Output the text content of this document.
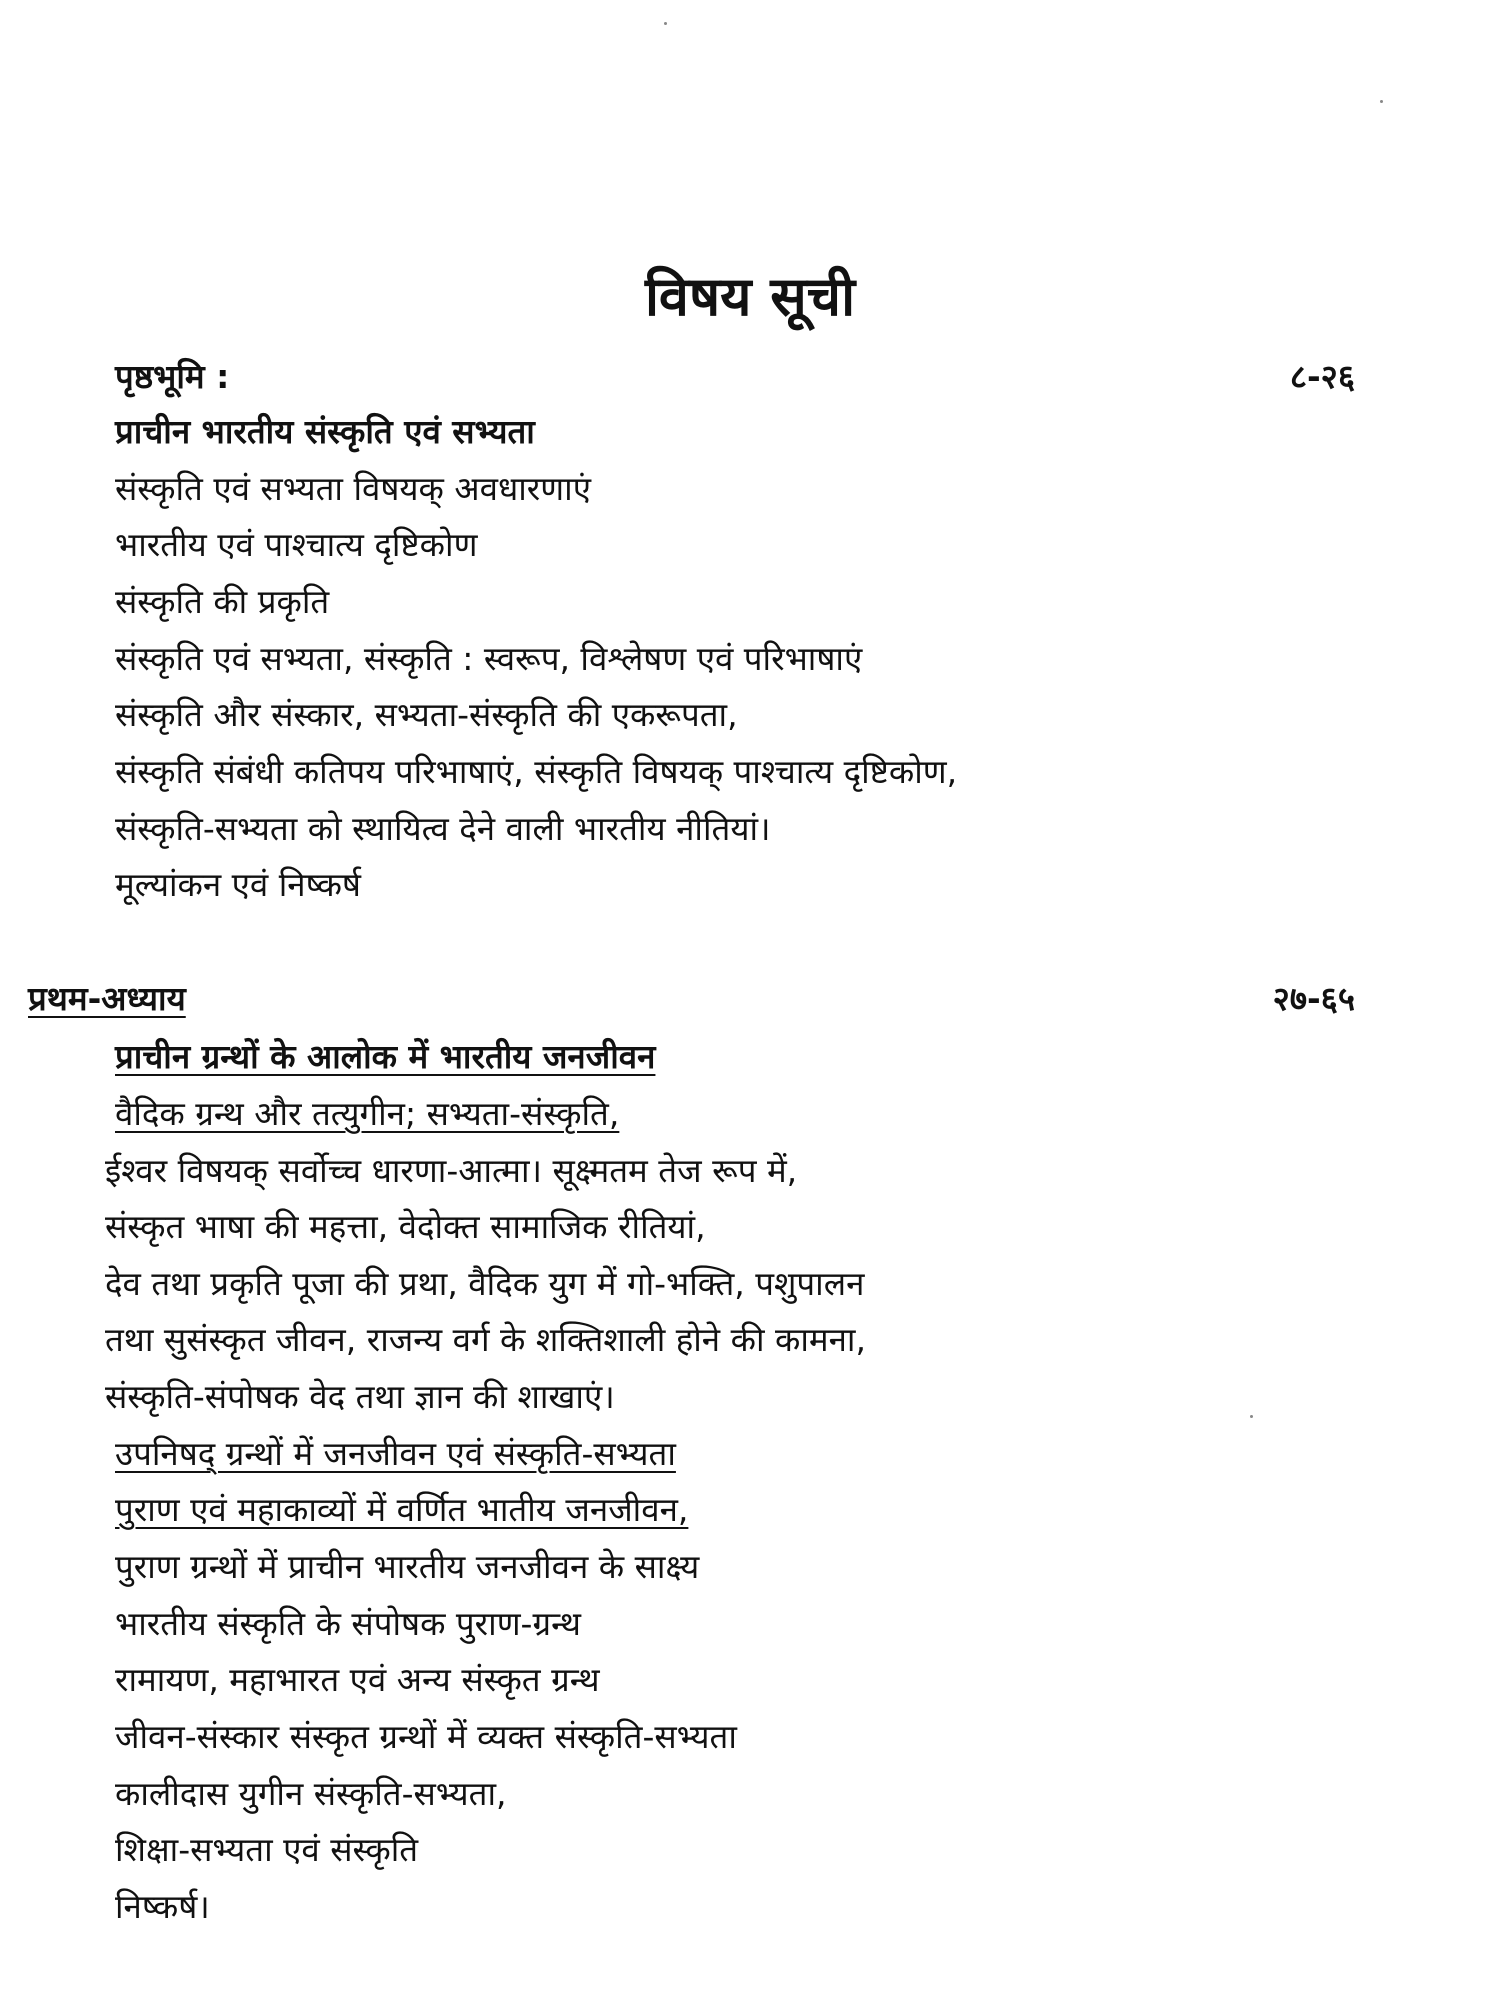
विषय सूची
पृष्ठभूमि :	८-२६
प्राचीन भारतीय संस्कृति एवं सभ्यता
संस्कृति एवं सभ्यता विषयक् अवधारणाएं
भारतीय एवं पाश्चात्य दृष्टिकोण
संस्कृति की प्रकृति
संस्कृति एवं सभ्यता, संस्कृति : स्वरूप, विश्लेषण एवं परिभाषाएं
संस्कृति और संस्कार, सभ्यता-संस्कृति की एकरूपता,
संस्कृति संबंधी कतिपय परिभाषाएं, संस्कृति विषयक् पाश्चात्य दृष्टिकोण,
संस्कृति-सभ्यता को स्थायित्व देने वाली भारतीय नीतियां।
मूल्यांकन एवं निष्कर्ष
प्रथम-अध्याय	२७-६५
प्राचीन ग्रन्थों के आलोक में भारतीय जनजीवन
वैदिक ग्रन्थ और तत्युगीन; सभ्यता-संस्कृति,
ईश्वर विषयक् सर्वोच्च धारणा-आत्मा। सूक्ष्मतम तेज रूप में,
संस्कृत भाषा की महत्ता, वेदोक्त सामाजिक रीतियां,
देव तथा प्रकृति पूजा की प्रथा, वैदिक युग में गो-भक्ति, पशुपालन
तथा सुसंस्कृत जीवन, राजन्य वर्ग के शक्तिशाली होने की कामना,
संस्कृति-संपोषक वेद तथा ज्ञान की शाखाएं।
उपनिषद् ग्रन्थों में जनजीवन एवं संस्कृति-सभ्यता
पुराण एवं महाकाव्यों में वर्णित भातीय जनजीवन,
पुराण ग्रन्थों में प्राचीन भारतीय जनजीवन के साक्ष्य
भारतीय संस्कृति के संपोषक पुराण-ग्रन्थ
रामायण, महाभारत एवं अन्य संस्कृत ग्रन्थ
जीवन-संस्कार संस्कृत ग्रन्थों में व्यक्त संस्कृति-सभ्यता
कालीदास युगीन संस्कृति-सभ्यता,
शिक्षा-सभ्यता एवं संस्कृति
निष्कर्ष।
